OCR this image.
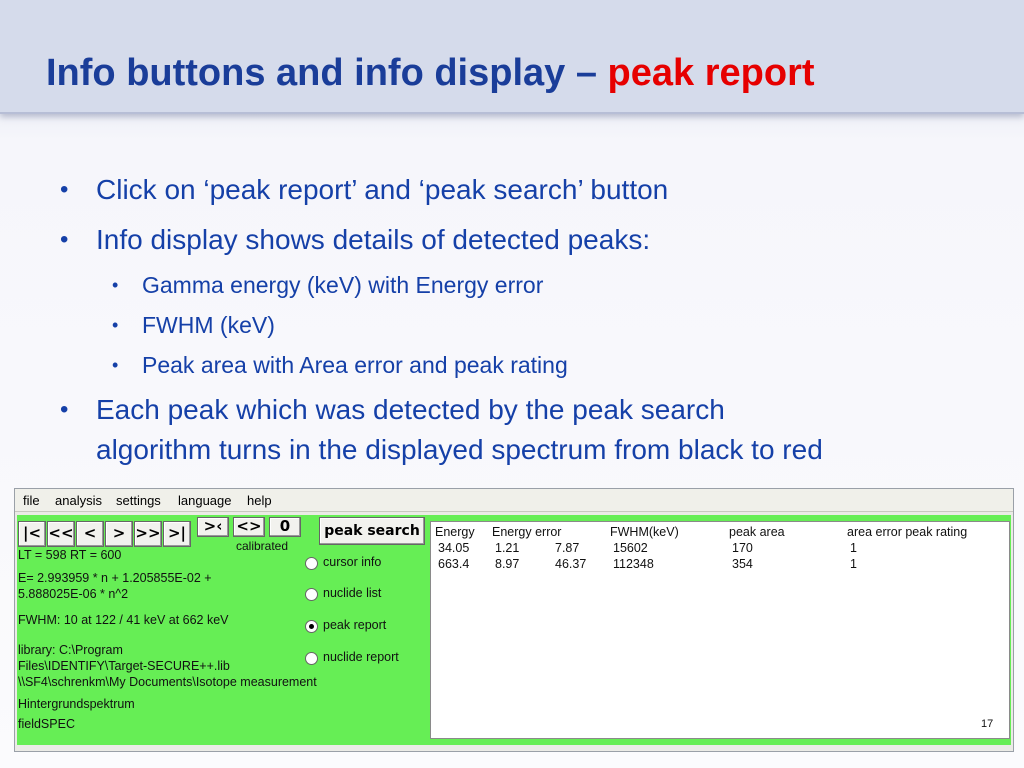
Info buttons and info display – peak report
• Click on ‘peak report’ and ‘peak search’ button
• Info display shows details of detected peaks:
• Gamma energy (keV) with Energy error
• FWHM (keV)
• Peak area with Area error and peak rating
• Each peak which was detected by the peak search
algorithm turns in the displayed spectrum from black to red
file analysis settings language help
|< << <	> >> >|	>‹ <>	0
calibrated
peak search
LT = 598 RT = 600
E= 2.993959 * n + 1.205855E-02 +
5.888025E-06 * n^2
FWHM: 10 at 122 / 41 keV at 662 keV
library: C:\Program
Files\IDENTIFY\Target-SECURE++.lib
\\SF4\schrenkm\My Documents\Isotope measurement
Hintergrundspektrum
fieldSPEC
cursor info
nuclide list
peak report
nuclide report
Energy Energy error	FWHM(keV)	peak area	area error peak rating
34.05 1.21	7.87	15602	170	1
663.4 8.97	46.37 112348	354	1
17
